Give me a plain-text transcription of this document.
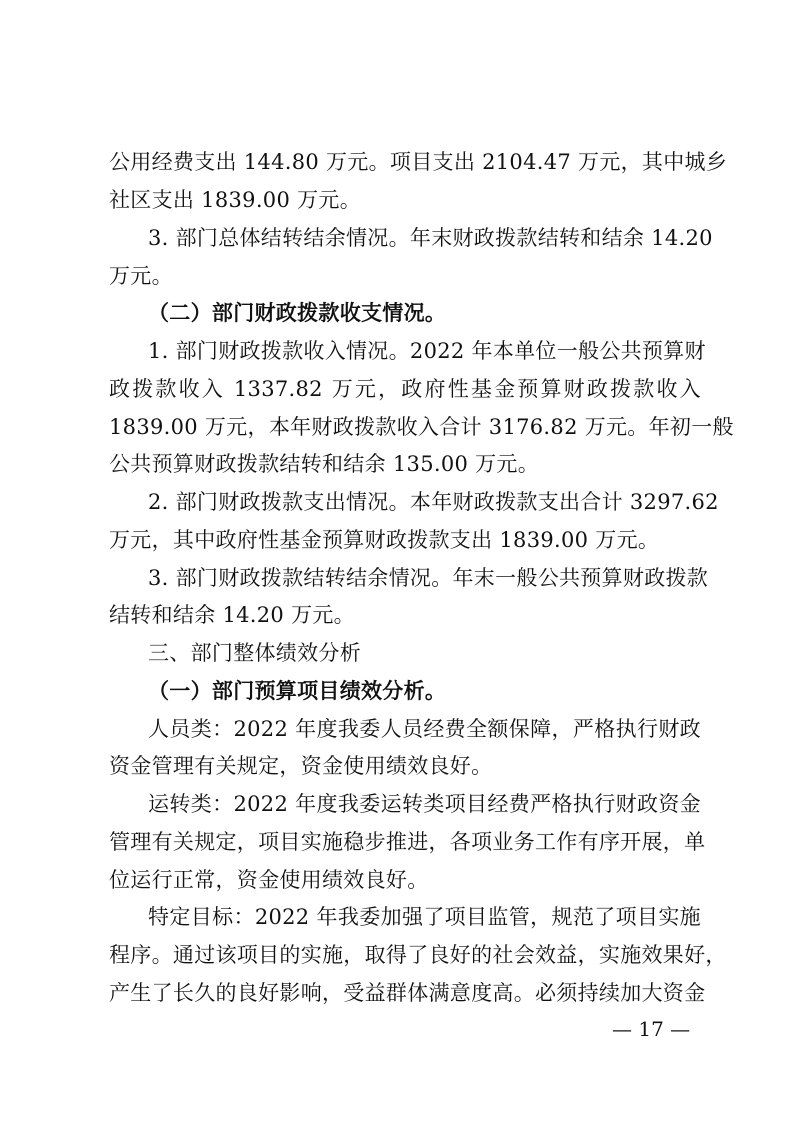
公用经费支出 144.80 万元。项目支出 2104.47 万元，其中城乡
社区支出 1839.00 万元。
3. 部门总体结转结余情况。年末财政拨款结转和结余 14.20
万元。
（二）部门财政拨款收支情况。
1. 部门财政拨款收入情况。2022 年本单位一般公共预算财
政拨款收入 1337.82 万元，政府性基金预算财政拨款收入
1839.00 万元，本年财政拨款收入合计 3176.82 万元。年初一般
公共预算财政拨款结转和结余 135.00 万元。
2. 部门财政拨款支出情况。本年财政拨款支出合计 3297.62
万元，其中政府性基金预算财政拨款支出 1839.00 万元。
3. 部门财政拨款结转结余情况。年末一般公共预算财政拨款
结转和结余 14.20 万元。
三、部门整体绩效分析
（一）部门预算项目绩效分析。
人员类：2022 年度我委人员经费全额保障，严格执行财政
资金管理有关规定，资金使用绩效良好。
运转类：2022 年度我委运转类项目经费严格执行财政资金
管理有关规定，项目实施稳步推进，各项业务工作有序开展，单
位运行正常，资金使用绩效良好。
特定目标：2022 年我委加强了项目监管，规范了项目实施
程序。通过该项目的实施，取得了良好的社会效益，实施效果好，
产生了长久的良好影响，受益群体满意度高。必须持续加大资金
— 17 —
